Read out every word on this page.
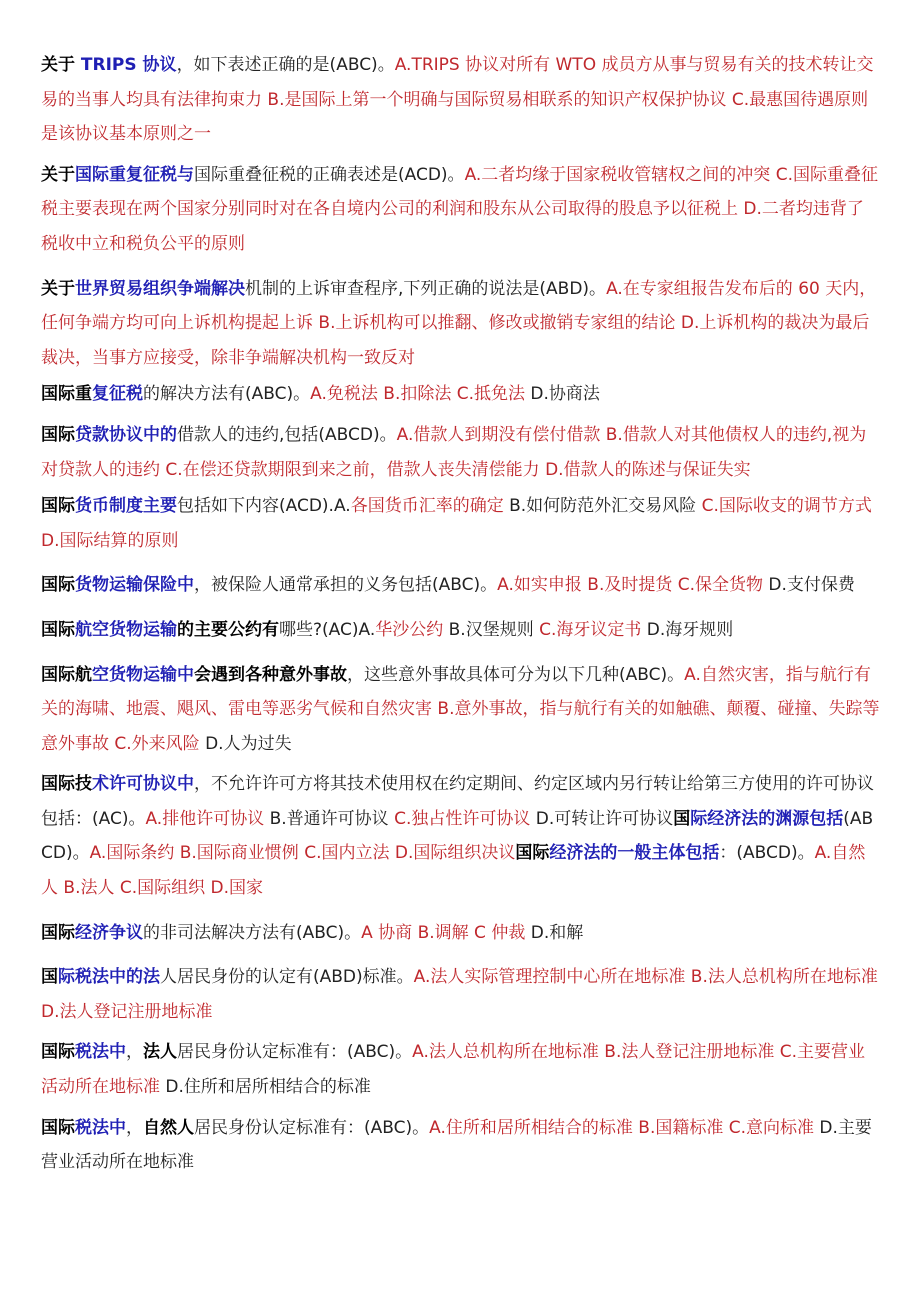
关于 TRIPS 协议，如下表述正确的是(ABC)。A.TRIPS 协议对所有 WTO 成员方从事与贸易有关的技术转让交易的当事人均具有法律拘束力 B.是国际上第一个明确与国际贸易相联系的知识产权保护协议 C.最惠国待遇原则是该协议基本原则之一

关于国际重复征税与国际重叠征税的正确表述是(ACD)。A.二者均缘于国家税收管辖权之间的冲突 C.国际重叠征税主要表现在两个国家分别同时对在各自境内公司的利润和股东从公司取得的股息予以征税上 D.二者均违背了税收中立和税负公平的原则

关于世界贸易组织争端解决机制的上诉审查程序,下列正确的说法是(ABD)。A.在专家组报告发布后的 60 天内，任何争端方均可向上诉机构提起上诉 B.上诉机构可以推翻、修改或撤销专家组的结论 D.上诉机构的裁决为最后裁决，当事方应接受，除非争端解决机构一致反对

国际重复征税的解决方法有(ABC)。A.免税法 B.扣除法 C.抵免法 D.协商法

国际贷款协议中的借款人的违约,包括(ABCD)。A.借款人到期没有偿付借款 B.借款人对其他债权人的违约,视为对贷款人的违约 C.在偿还贷款期限到来之前，借款人丧失清偿能力 D.借款人的陈述与保证失实

国际货币制度主要包括如下内容(ACD).A.各国货币汇率的确定 B.如何防范外汇交易风险 C.国际收支的调节方式 D.国际结算的原则

国际货物运输保险中，被保险人通常承担的义务包括(ABC)。A.如实申报 B.及时提货 C.保全货物 D.支付保费

国际航空货物运输的主要公约有哪些?(AC)A.华沙公约 B.汉堡规则 C.海牙议定书 D.海牙规则

国际航空货物运输中会遇到各种意外事故，这些意外事故具体可分为以下几种(ABC)。A.自然灾害，指与航行有关的海啸、地震、飓风、雷电等恶劣气候和自然灾害 B.意外事故，指与航行有关的如触礁、颠覆、碰撞、失踪等意外事故 C.外来风险 D.人为过失

国际技术许可协议中，不允许许可方将其技术使用权在约定期间、约定区域内另行转让给第三方使用的许可协议包括：(AC)。A.排他许可协议 B.普通许可协议 C.独占性许可协议 D.可转让许可协议国际经济法的渊源包括(ABCD)。A.国际条约 B.国际商业惯例 C.国内立法 D.国际组织决议国际经济法的一般主体包括：(ABCD)。A.自然人 B.法人 C.国际组织 D.国家

国际经济争议的非司法解决方法有(ABC)。A 协商 B.调解 C 仲裁 D.和解

国际税法中的法人居民身份的认定有(ABD)标准。A.法人实际管理控制中心所在地标准 B.法人总机构所在地标准 D.法人登记注册地标准

国际税法中，法人居民身份认定标准有：(ABC)。A.法人总机构所在地标准 B.法人登记注册地标准 C.主要营业活动所在地标准 D.住所和居所相结合的标准

国际税法中，自然人居民身份认定标准有：(ABC)。A.住所和居所相结合的标准 B.国籍标准 C.意向标准 D.主要营业活动所在地标准
